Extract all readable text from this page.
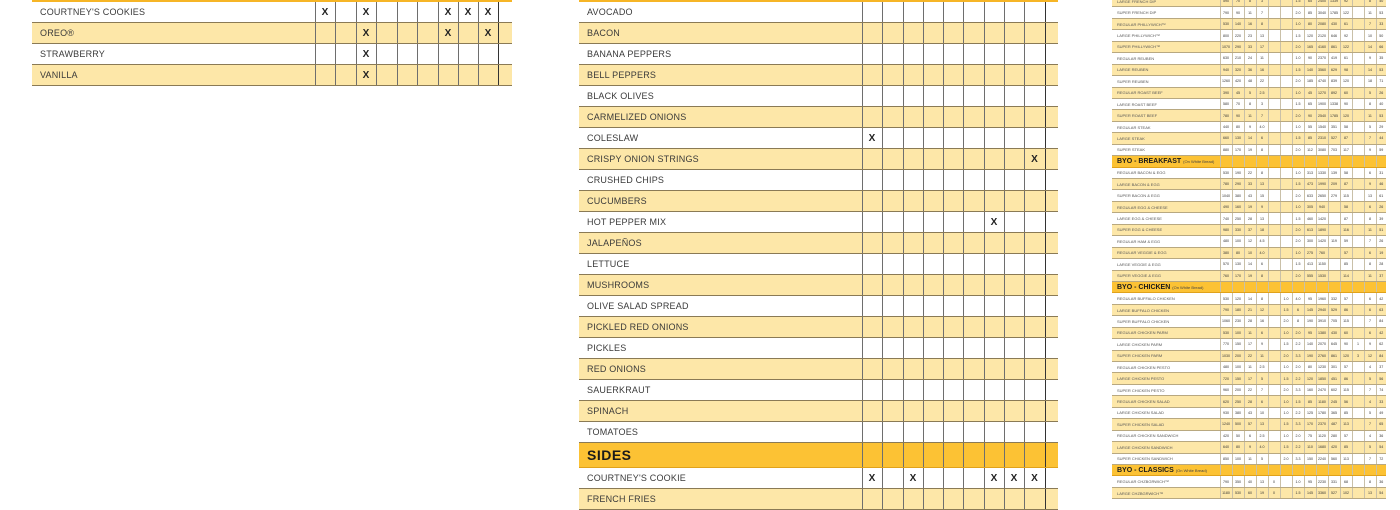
COURTNEY'S COOKIES	X		X				X	X	X	
OREO®			X				X		X	
STRAWBERRY			X							
VANILLA			X							
AVOCADO										
BACON										
BANANA PEPPERS										
BELL PEPPERS										
BLACK OLIVES										
CARMELIZED ONIONS										
COLESLAW	X									
CRISPY ONION STRINGS									X	
CRUSHED CHIPS										
CUCUMBERS										
HOT PEPPER MIX							X			
JALAPEÑOS										
LETTUCE										
MUSHROOMS										
OLIVE SALAD SPREAD										
PICKLED RED ONIONS										
PICKLES										
RED ONIONS										
SAUERKRAUT										
SPINACH										
TOMATOES										
SIDES										
COURTNEY'S COOKIE	X		X				X	X	X	
FRENCH FRIES										
LARGE FRENCH DIP	590	70	8	3			1.5	65	2400	1339	92		8	40
SUPER FRENCH DIP	790	90	11	7			2.0	85	3040	1785	122		11	53
REGULAR PHILLYWICH™	530	140	16	8			1.0	80	2080	430	61		7	33
LARGE PHILLYWICH™	800	220	23	13			1.5	120	2120	646	92		10	50
SUPER PHILLYWICH™	1070	290	33	17			2.0	165	4160	861	122		14	66
REGULAR REUBEN	630	210	24	11			1.0	90	2370	419	61		9	35
LARGE REUBEN	940	320	36	16			1.5	140	3560	629	98		14	53
SUPER REUBEN	1260	420	48	22			2.0	185	4740	839	120		18	71
REGULAR ROAST BEEF	390	45	5	2.5			1.0	45	1270	892	60		5	26
LARGE ROAST BEEF	580	70	8	3			1.5	65	1900	1338	90		8	40
SUPER ROAST BEEF	780	90	11	7			2.0	90	2540	1785	120		11	53
REGULAR STEAK	440	80	9	4.0			1.0	55	1540	351	58		5	29
LARGE STEAK	660	130	14	6			1.5	85	2310	527	87		7	44
SUPER STEAK	880	170	19	8			2.0	112	3080	703	117		9	59
BYO - BREAKFAST (On White Bread)														
REGULAR BACON & EGG	530	190	22	8			1.0	313	1330	139	58		6	31
LARGE BACON & EGG	780	290	33	13			1.5	473	1990	209	87		9	46
SUPER BACON & EGG	1040	380	43	15			2.0	633	2650	279	115		13	61
REGULAR EGG & CHEESE	490	160	19	9			1.0	305	940		58		6	26
LARGE EGG & CHEESE	740	250	28	13			1.5	460	1420		87		8	39
SUPER EGG & CHEESE	980	330	37	18			2.0	613	1890		116		11	51
REGULAR HAM & EGG	480	100	12	4.5			2.0	300	1420	119	59		7	26
REGULAR VEGGIE & EGG	380	80	10	4.0			1.0	275	760		57		6	19
LARGE VEGGIE & EGG	570	130	14	6			1.5	413	1150		85		8	28
SUPER VEGGIE & EGG	760	170	19	8			2.0	555	1530		114		11	37
BYO - CHICKEN (On White Bread)														
REGULAR BUFFALO CHICKEN	530	120	14	8		1.0	4.0	95	1960	332	57		6	42
LARGE BUFFALO CHICKEN	790	180	21	12		1.5	6	145	2940	529	86		6	63
SUPER BUFFALO CHICKEN	1060	230	28	16		2.0	8	190	3910	705	115		7	84
REGULAR CHICKEN PARM	530	100	11	6		1.0	2.0	95	1380	430	60		6	42
LARGE CHICKEN PARM	770	150	17	9		1.5	2.2	140	2070	645	90	1	9	62
SUPER CHICKEN PARM	1030	200	22	11		2.0	3.3	190	2760	861	120	3	12	84
REGULAR CHICKEN PESTO	480	100	11	2.5		1.0	2.0	80	1230	301	57		4	37
LARGE CHICKEN PESTO	720	150	17	5		1.5	2.2	120	1850	451	86		5	56
SUPER CHICKEN PESTO	960	200	22	7		2.0	3.3	160	2470	602	115		7	74
REGULAR CHICKEN SALAD	620	250	28	6		1.0	1.5	85	1180	245	56		4	33
LARGE CHICKEN SALAD	930	380	43	10		1.0	2.2	125	1780	365	85		5	49
SUPER CHICKEN SALAD	1240	500	57	13		1.5	3.3	170	2370	487	113		7	65
REGULAR CHICKEN SANDWICH	420	50	6	2.5		1.0	2.0	75	1120	280	57		4	36
LARGE CHICKEN SANDWICH	640	80	9	4.0		1.5	2.2	110	1680	420	85		5	54
SUPER CHICKEN SANDWICH	850	100	11	5		2.0	3.3	150	2240	560	113		7	72
BYO - CLASSICS (On White Bread)														
REGULAR CHZBGRWICH™	790	350	40	13	0		1.0	95	2230	331	68		8	36
LARGE CHZBGRWICH™	1180	530	60	19	0		1.5	145	3360	527	102		13	54
